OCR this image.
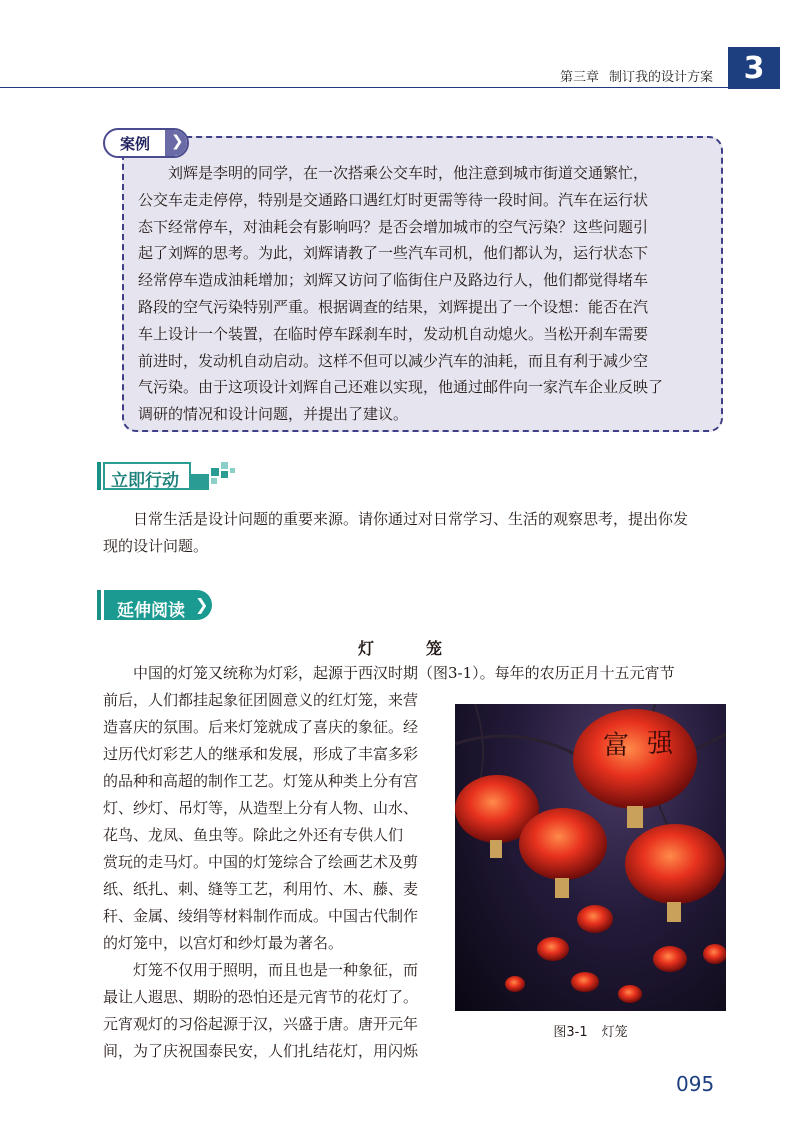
第三章 制订我的设计方案	3
案例 ❯
刘辉是李明的同学，在一次搭乘公交车时，他注意到城市街道交通繁忙，
公交车走走停停，特别是交通路口遇红灯时更需等待一段时间。汽车在运行状
态下经常停车，对油耗会有影响吗？是否会增加城市的空气污染？这些问题引
起了刘辉的思考。为此，刘辉请教了一些汽车司机，他们都认为，运行状态下
经常停车造成油耗增加；刘辉又访问了临街住户及路边行人，他们都觉得堵车
路段的空气污染特别严重。根据调查的结果，刘辉提出了一个设想：能否在汽
车上设计一个装置，在临时停车踩刹车时，发动机自动熄火。当松开刹车需要
前进时，发动机自动启动。这样不但可以减少汽车的油耗，而且有利于减少空
气污染。由于这项设计刘辉自己还难以实现，他通过邮件向一家汽车企业反映了
调研的情况和设计问题，并提出了建议。
立即行动
日常生活是设计问题的重要来源。请你通过对日常学习、生活的观察思考，提出你发
现的设计问题。
延伸阅读 ❯
灯　笼
中国的灯笼又统称为灯彩，起源于西汉时期（图3-1）。每年的农历正月十五元宵节
前后，人们都挂起象征团圆意义的红灯笼，来营
造喜庆的氛围。后来灯笼就成了喜庆的象征。经
过历代灯彩艺人的继承和发展，形成了丰富多彩
的品种和高超的制作工艺。灯笼从种类上分有宫
灯、纱灯、吊灯等，从造型上分有人物、山水、
花鸟、龙凤、鱼虫等。除此之外还有专供人们
赏玩的走马灯。中国的灯笼综合了绘画艺术及剪
纸、纸扎、刺、缝等工艺，利用竹、木、藤、麦
秆、金属、绫绢等材料制作而成。中国古代制作
的灯笼中，以宫灯和纱灯最为著名。
灯笼不仅用于照明，而且也是一种象征，而
最让人遐思、期盼的恐怕还是元宵节的花灯了。
元宵观灯的习俗起源于汉，兴盛于唐。唐开元年
间，为了庆祝国泰民安，人们扎结花灯，用闪烁
富 强
图3-1 灯笼
095
